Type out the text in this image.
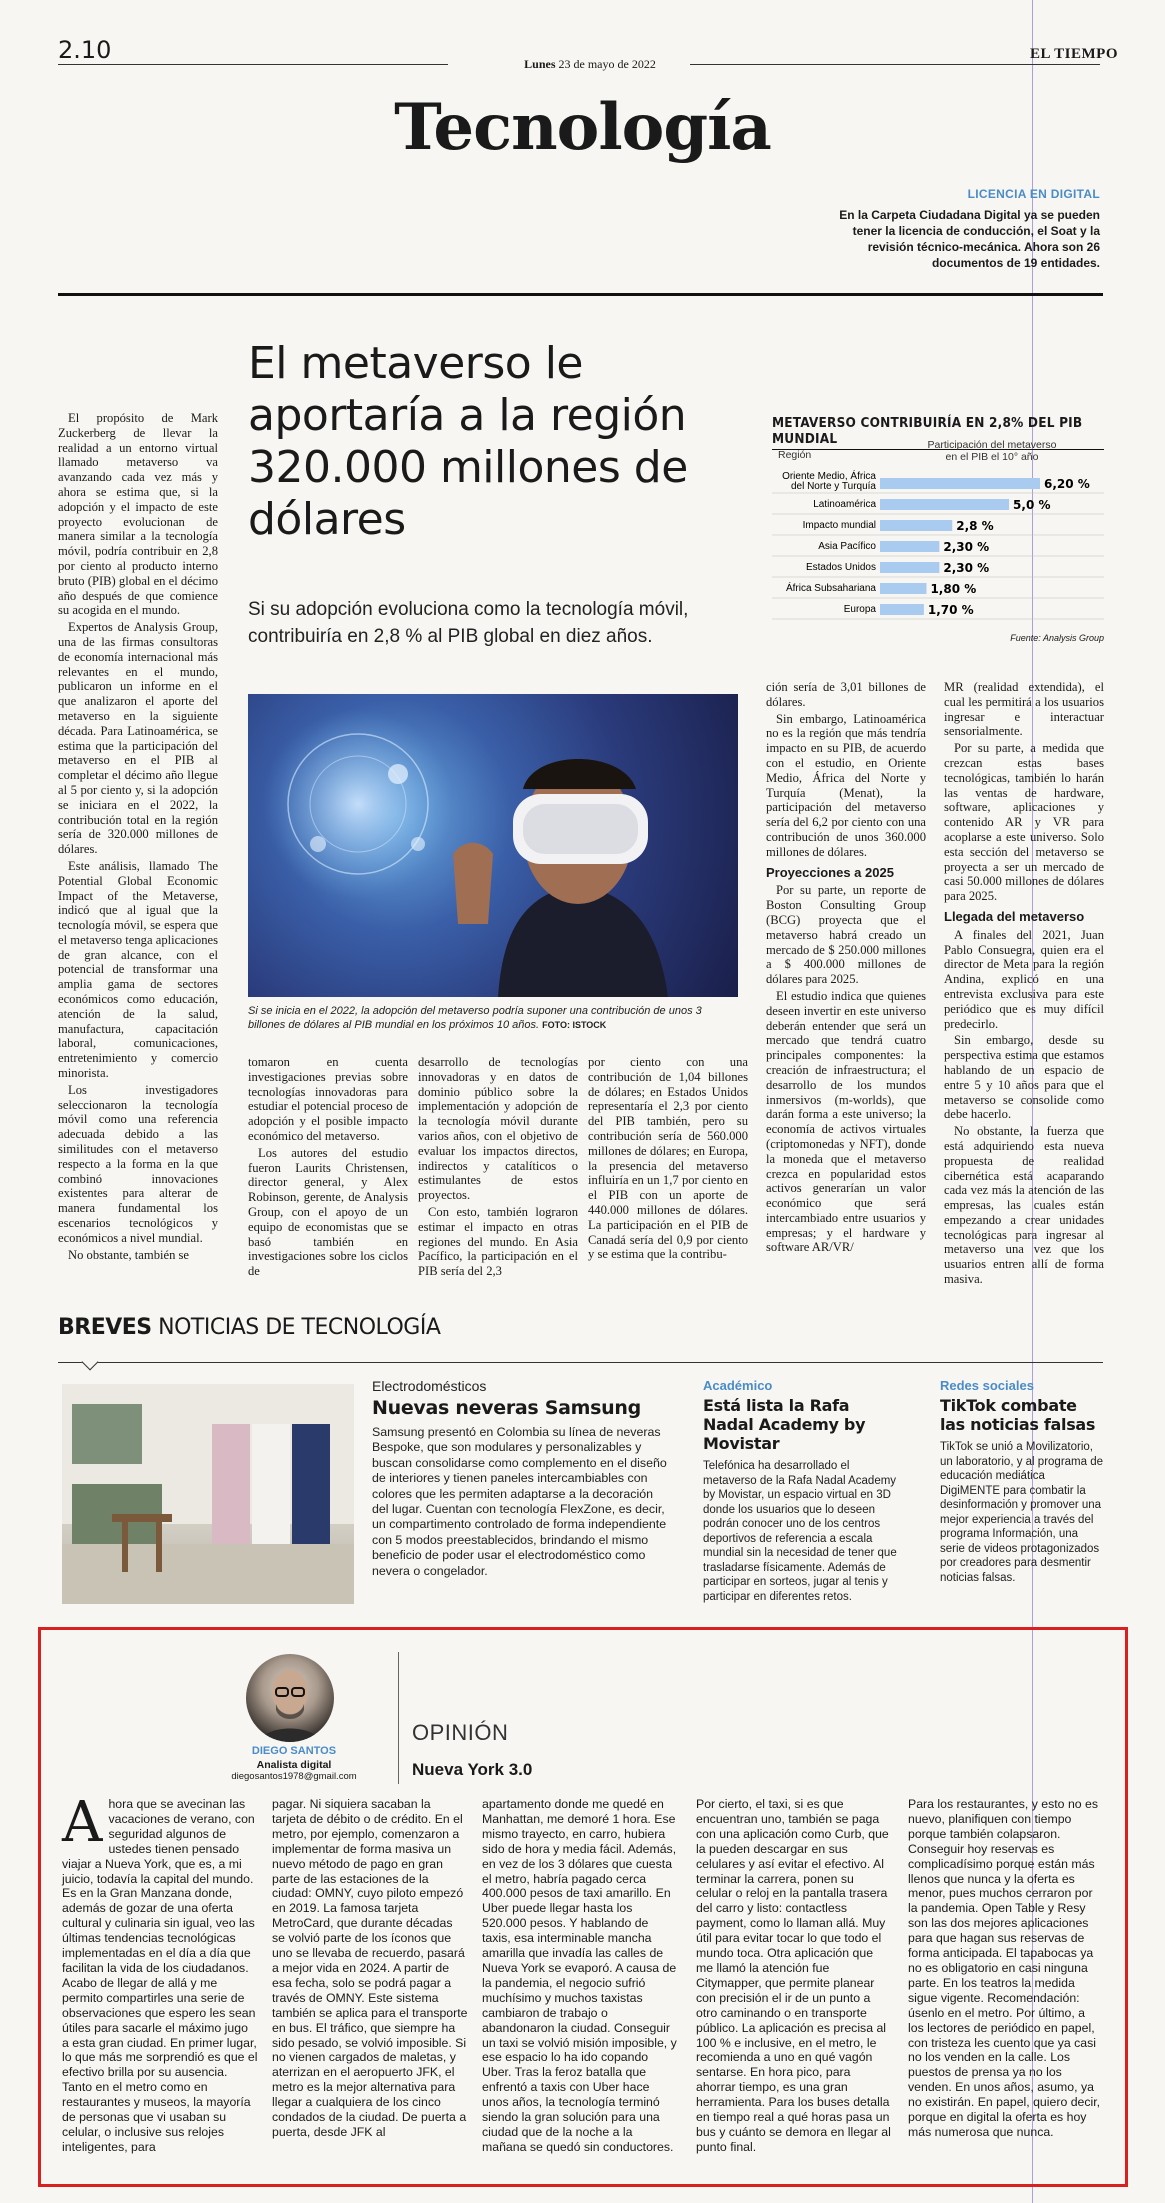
2.10	Lunes 23 de mayo de 2022
EL TIEMPO
Tecnología
LICENCIA EN DIGITAL
En la Carpeta Ciudadana Digital ya se pueden tener la licencia de conducción, el Soat y la revisión técnico-mecánica. Ahora son 26 documentos de 19 entidades.
El metaverso le aportaría a la región 320.000 millones de dólares
Si su adopción evoluciona como la tecnología móvil, contribuiría en 2,8 % al PIB global en diez años.

El propósito de Mark Zuckerberg de llevar la realidad a un entorno virtual llamado metaverso va avanzando cada vez más y ahora se estima que, si la adopción y el impacto de este proyecto evolucionan de manera similar a la tecnología móvil, podría contribuir en 2,8 por ciento al producto interno bruto (PIB) global en el décimo año después de que comience su acogida en el mundo.

Expertos de Analysis Group, una de las firmas consultoras de economía internacional más relevantes en el mundo, publicaron un informe en el que analizaron el aporte del metaverso en la siguiente década. Para Latinoamérica, se estima que la participación del metaverso en el PIB al completar el décimo año llegue al 5 por ciento y, si la adopción se iniciara en el 2022, la contribución total en la región sería de 320.000 millones de dólares.

Este análisis, llamado The Potential Global Economic Impact of the Metaverse, indicó que al igual que la tecnología móvil, se espera que el metaverso tenga aplicaciones de gran alcance, con el potencial de transformar una amplia gama de sectores económicos como educación, atención de la salud, manufactura, capacitación laboral, comunicaciones, entretenimiento y comercio minorista.

Los investigadores seleccionaron la tecnología móvil como una referencia adecuada debido a las similitudes con el metaverso respecto a la forma en la que combinó innovaciones existentes para alterar de manera fundamental los escenarios tecnológicos y económicos a nivel mundial.

No obstante, también se

METAVERSO CONTRIBUIRÍA EN 2,8% DEL PIB MUNDIAL
Región
Participación del metaverso en el PIB el 10° año
Oriente Medio, África del Norte y Turquía	6,20 %
Latinoamérica	5,0 %
Impacto mundial	2,8 %
Asia Pacífico	2,30 %
Estados Unidos	2,30 %
África Subsahariana	1,80 %
Europa	1,70 %
Fuente: Analysis Group
Si se inicia en el 2022, la adopción del metaverso podría suponer una contribución de unos 3 billones de dólares al PIB mundial en los próximos 10 años. FOTO: ISTOCK

tomaron en cuenta investigaciones previas sobre tecnologías innovadoras para estudiar el potencial proceso de adopción y el posible impacto económico del metaverso.

Los autores del estudio fueron Laurits Christensen, director general, y Alex Robinson, gerente, de Analysis Group, con el apoyo de un equipo de economistas que se basó también en investigaciones sobre los ciclos de

desarrollo de tecnologías innovadoras y en datos de dominio público sobre la implementación y adopción de la tecnología móvil durante varios años, con el objetivo de evaluar los impactos directos, indirectos y catalíticos o estimulantes de estos proyectos.

Con esto, también lograron estimar el impacto en otras regiones del mundo. En Asia Pacífico, la participación en el PIB sería del 2,3

por ciento con una contribución de 1,04 billones de dólares; en Estados Unidos representaría el 2,3 por ciento del PIB también, pero su contribución sería de 560.000 millones de dólares; en Europa, la presencia del metaverso influiría en un 1,7 por ciento en el PIB con un aporte de 440.000 millones de dólares. La participación en el PIB de Canadá sería del 0,9 por ciento y se estima que la contribu-

ción sería de 3,01 billones de dólares.

Sin embargo, Latinoamérica no es la región que más tendría impacto en su PIB, de acuerdo con el estudio, en Oriente Medio, África del Norte y Turquía (Menat), la participación del metaverso sería del 6,2 por ciento con una contribución de unos 360.000 millones de dólares.

Proyecciones a 2025

Por su parte, un reporte de Boston Consulting Group (BCG) proyecta que el metaverso habrá creado un mercado de $ 250.000 millones a $ 400.000 millones de dólares para 2025.

El estudio indica que quienes deseen invertir en este universo deberán entender que será un mercado que tendrá cuatro principales componentes: la creación de infraestructura; el desarrollo de los mundos inmersivos (m-worlds), que darán forma a este universo; la economía de activos virtuales (criptomonedas y NFT), donde la moneda que el metaverso crezca en popularidad estos activos generarían un valor económico que será intercambiado entre usuarios y empresas; y el hardware y software AR/VR/

MR (realidad extendida), el cual les permitirá a los usuarios ingresar e interactuar sensorialmente.

Por su parte, a medida que crezcan estas bases tecnológicas, también lo harán las ventas de hardware, software, aplicaciones y contenido AR y VR para acoplarse a este universo. Solo esta sección del metaverso se proyecta a ser un mercado de casi 50.000 millones de dólares para 2025.

Llegada del metaverso

A finales del 2021, Juan Pablo Consuegra, quien era el director de Meta para la región Andina, explicó en una entrevista exclusiva para este periódico que es muy difícil predecirlo.

Sin embargo, desde su perspectiva estima que estamos hablando de un espacio de entre 5 y 10 años para que el metaverso se consolide como debe hacerlo.

No obstante, la fuerza que está adquiriendo esta nueva propuesta de realidad cibernética está acaparando cada vez más la atención de las empresas, las cuales están empezando a crear unidades tecnológicas para ingresar al metaverso una vez que los usuarios entren allí de forma masiva.

BREVES NOTICIAS DE TECNOLOGÍA
Electrodomésticos
Nuevas neveras Samsung
Samsung presentó en Colombia su línea de neveras Bespoke, que son modulares y personalizables y buscan consolidarse como complemento en el diseño de interiores y tienen paneles intercambiables con colores que les permiten adaptarse a la decoración del lugar. Cuentan con tecnología FlexZone, es decir, un compartimento controlado de forma independiente con 5 modos preestablecidos, brindando el mismo beneficio de poder usar el electrodoméstico como nevera o congelador.
Académico
Está lista la Rafa Nadal Academy by Movistar
Telefónica ha desarrollado el metaverso de la Rafa Nadal Academy by Movistar, un espacio virtual en 3D donde los usuarios que lo deseen podrán conocer uno de los centros deportivos de referencia a escala mundial sin la necesidad de tener que trasladarse físicamente. Además de participar en sorteos, jugar al tenis y participar en diferentes retos.
Redes sociales
TikTok combate las noticias falsas
TikTok se unió a Movilizatorio, un laboratorio, y al programa de educación mediática DigiMENTE para combatir la desinformación y promover una mejor experiencia a través del programa Información, una serie de videos protagonizados por creadores para desmentir noticias falsas.
DIEGO SANTOS
Analista digital
diegosantos1978@gmail.com
OPINIÓN
Nueva York 3.0
Ahora que se avecinan las vacaciones de verano, con seguridad algunos de ustedes tienen pensado viajar a Nueva York, que es, a mi juicio, todavía la capital del mundo. Es en la Gran Manzana donde, además de gozar de una oferta cultural y culinaria sin igual, veo las últimas tendencias tecnológicas implementadas en el día a día que facilitan la vida de los ciudadanos. Acabo de llegar de allá y me permito compartirles una serie de observaciones que espero les sean útiles para sacarle el máximo jugo a esta gran ciudad. En primer lugar, lo que más me sorprendió es que el efectivo brilla por su ausencia. Tanto en el metro como en restaurantes y museos, la mayoría de personas que vi usaban su celular, o inclusive sus relojes inteligentes, para
pagar. Ni siquiera sacaban la tarjeta de débito o de crédito. En el metro, por ejemplo, comenzaron a implementar de forma masiva un nuevo método de pago en gran parte de las estaciones de la ciudad: OMNY, cuyo piloto empezó en 2019. La famosa tarjeta MetroCard, que durante décadas se volvió parte de los íconos que uno se llevaba de recuerdo, pasará a mejor vida en 2024. A partir de esa fecha, solo se podrá pagar a través de OMNY. Este sistema también se aplica para el transporte en bus. El tráfico, que siempre ha sido pesado, se volvió imposible. Si no vienen cargados de maletas, y aterrizan en el aeropuerto JFK, el metro es la mejor alternativa para llegar a cualquiera de los cinco condados de la ciudad. De puerta a puerta, desde JFK al
apartamento donde me quedé en Manhattan, me demoré 1 hora. Ese mismo trayecto, en carro, hubiera sido de hora y media fácil. Además, en vez de los 3 dólares que cuesta el metro, habría pagado cerca 400.000 pesos de taxi amarillo. En Uber puede llegar hasta los 520.000 pesos. Y hablando de taxis, esa interminable mancha amarilla que invadía las calles de Nueva York se evaporó. A causa de la pandemia, el negocio sufrió muchísimo y muchos taxistas cambiaron de trabajo o abandonaron la ciudad. Conseguir un taxi se volvió misión imposible, y ese espacio lo ha ido copando Uber. Tras la feroz batalla que enfrentó a taxis con Uber hace unos años, la tecnología terminó siendo la gran solución para una ciudad que de la noche a la mañana se quedó sin conductores.
Por cierto, el taxi, si es que encuentran uno, también se paga con una aplicación como Curb, que la pueden descargar en sus celulares y así evitar el efectivo. Al terminar la carrera, ponen su celular o reloj en la pantalla trasera del carro y listo: contactless payment, como lo llaman allá. Muy útil para evitar tocar lo que todo el mundo toca. Otra aplicación que me llamó la atención fue Citymapper, que permite planear con precisión el ir de un punto a otro caminando o en transporte público. La aplicación es precisa al 100 % e inclusive, en el metro, le recomienda a uno en qué vagón sentarse. En hora pico, para ahorrar tiempo, es una gran herramienta. Para los buses detalla en tiempo real a qué horas pasa un bus y cuánto se demora en llegar al punto final.
Para los restaurantes, y esto no es nuevo, planifiquen con tiempo porque también colapsaron. Conseguir hoy reservas es complicadísimo porque están más llenos que nunca y la oferta es menor, pues muchos cerraron por la pandemia. Open Table y Resy son las dos mejores aplicaciones para que hagan sus reservas de forma anticipada. El tapabocas ya no es obligatorio en casi ninguna parte. En los teatros la medida sigue vigente. Recomendación: úsenlo en el metro. Por último, a los lectores de periódico en papel, con tristeza les cuento que ya casi no los venden en la calle. Los puestos de prensa ya no los venden. En unos años, asumo, ya no existirán. En papel, quiero decir, porque en digital la oferta es hoy más numerosa que nunca.
